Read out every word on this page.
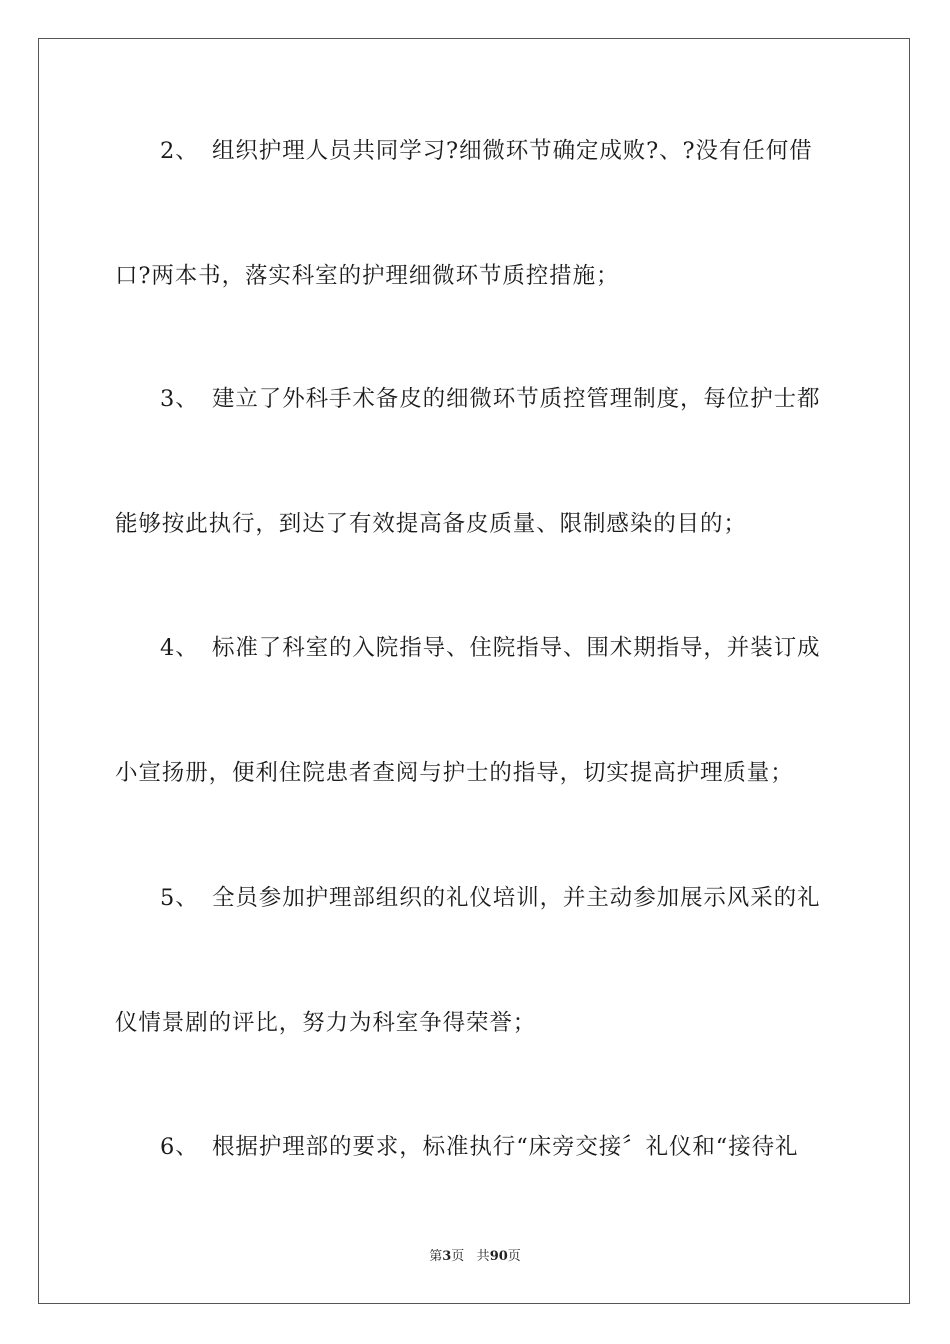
2、 组织护理人员共同学习?细微环节确定成败?、?没有任何借
口?两本书，落实科室的护理细微环节质控措施；
3、 建立了外科手术备皮的细微环节质控管理制度，每位护士都
能够按此执行，到达了有效提高备皮质量、限制感染的目的；
4、 标准了科室的入院指导、住院指导、围术期指导，并装订成
小宣扬册，便利住院患者查阅与护士的指导，切实提高护理质量；
5、 全员参加护理部组织的礼仪培训，并主动参加展示风采的礼
仪情景剧的评比，努力为科室争得荣誉；
6、 根据护理部的要求，标准执行“床旁交接〞礼仪和“接待礼
第3页 共90页
